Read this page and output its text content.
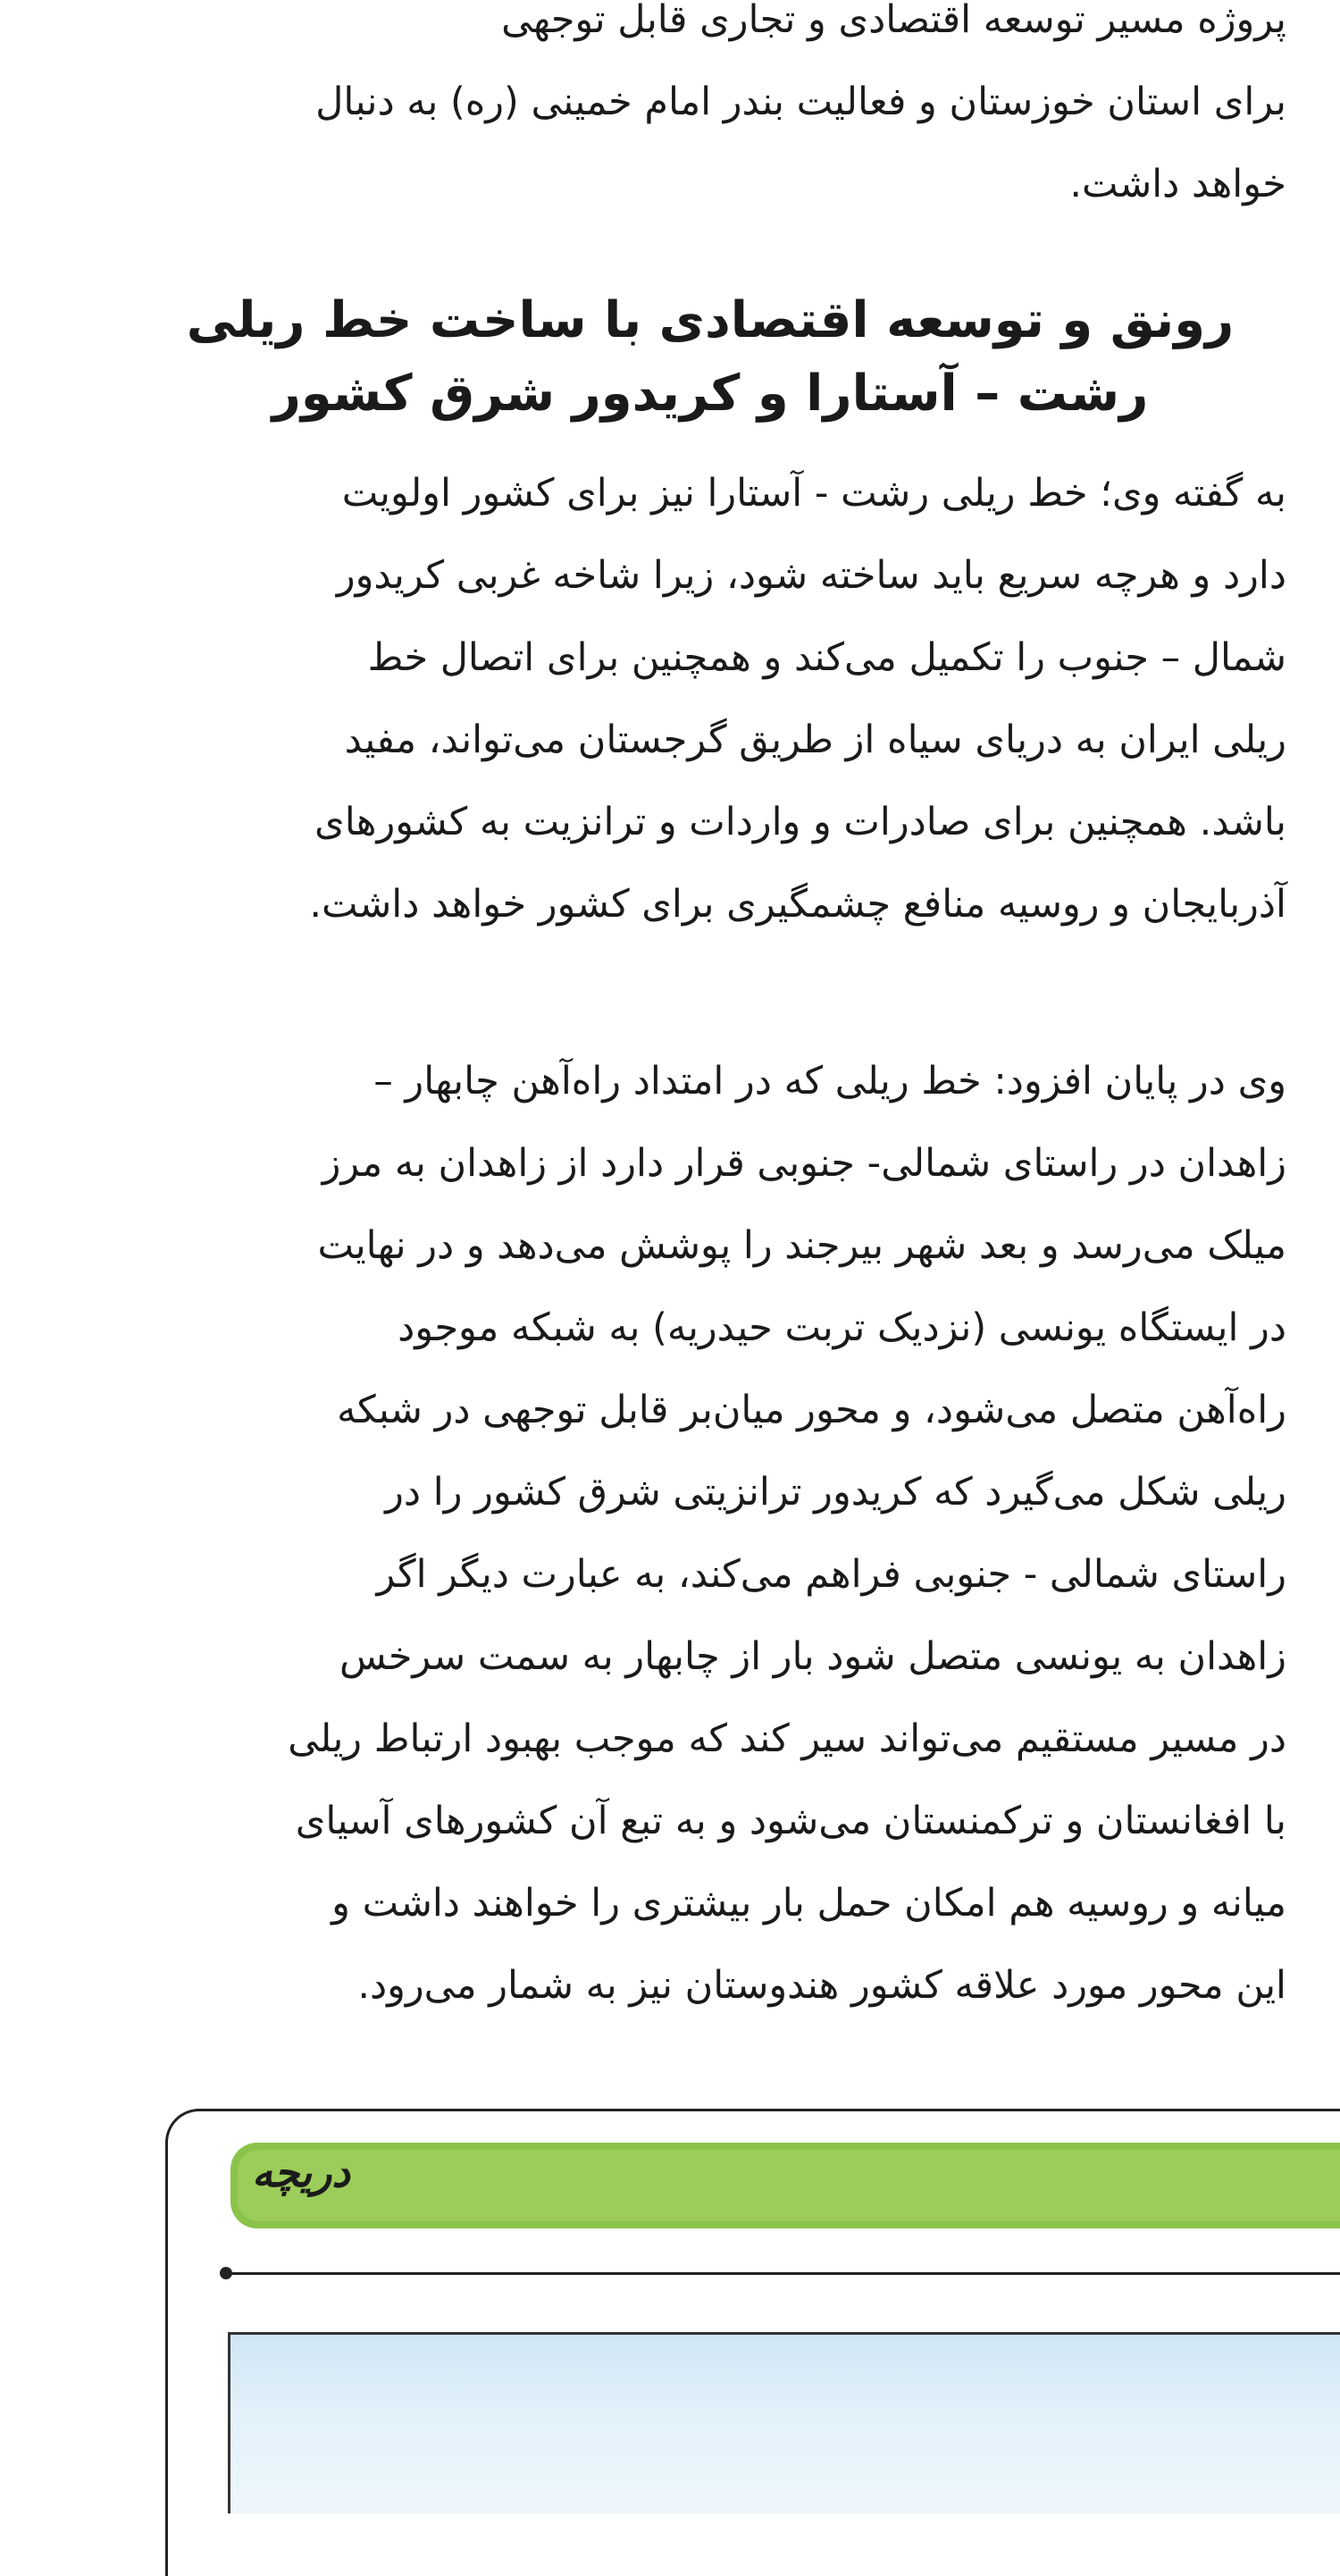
پروژه مسیر توسعه اقتصادی و تجاری قابل توجهی
برای استان خوزستان و فعالیت بندر امام خمینی (ره) به دنبال
خواهد داشت.

رونق و توسعه اقتصادی با ساخت خط ریلی
رشت – آستارا و کریدور شرق کشور

به گفته وی؛ خط ریلی رشت - آستارا نیز برای کشور اولویت
دارد و هرچه سریع باید ساخته شود، زیرا شاخه غربی کریدور
شمال – جنوب را تکمیل می‌کند و همچنین برای اتصال خط
ریلی ایران به دریای سیاه از طریق گرجستان می‌تواند، مفید
باشد. همچنین برای صادرات و واردات و ترانزیت به کشورهای
آذربایجان و روسیه منافع چشمگیری برای کشور خواهد داشت.

وی در پایان افزود: خط ریلی که در امتداد راه‌آهن چابهار –
زاهدان در راستای شمالی- جنوبی قرار دارد از زاهدان به مرز
میلک می‌رسد و بعد شهر بیرجند را پوشش می‌دهد و در نهایت
در ایستگاه یونسی (نزدیک تربت حیدریه) به شبکه موجود
راه‌آهن متصل می‌شود، و محور میان‌بر قابل توجهی در شبکه
ریلی شکل می‌گیرد که کریدور ترانزیتی شرق کشور را در
راستای شمالی - جنوبی فراهم می‌کند، به عبارت دیگر اگر
زاهدان به یونسی متصل شود بار از چابهار به سمت سرخس
در مسیر مستقیم می‌تواند سیر کند که موجب بهبود ارتباط ریلی
با افغانستان و ترکمنستان می‌شود و به تبع آن کشورهای آسیای
میانه و روسیه هم امکان حمل بار بیشتری را خواهند داشت و
این محور مورد علاقه کشور هندوستان نیز به شمار می‌رود.

دریچه
